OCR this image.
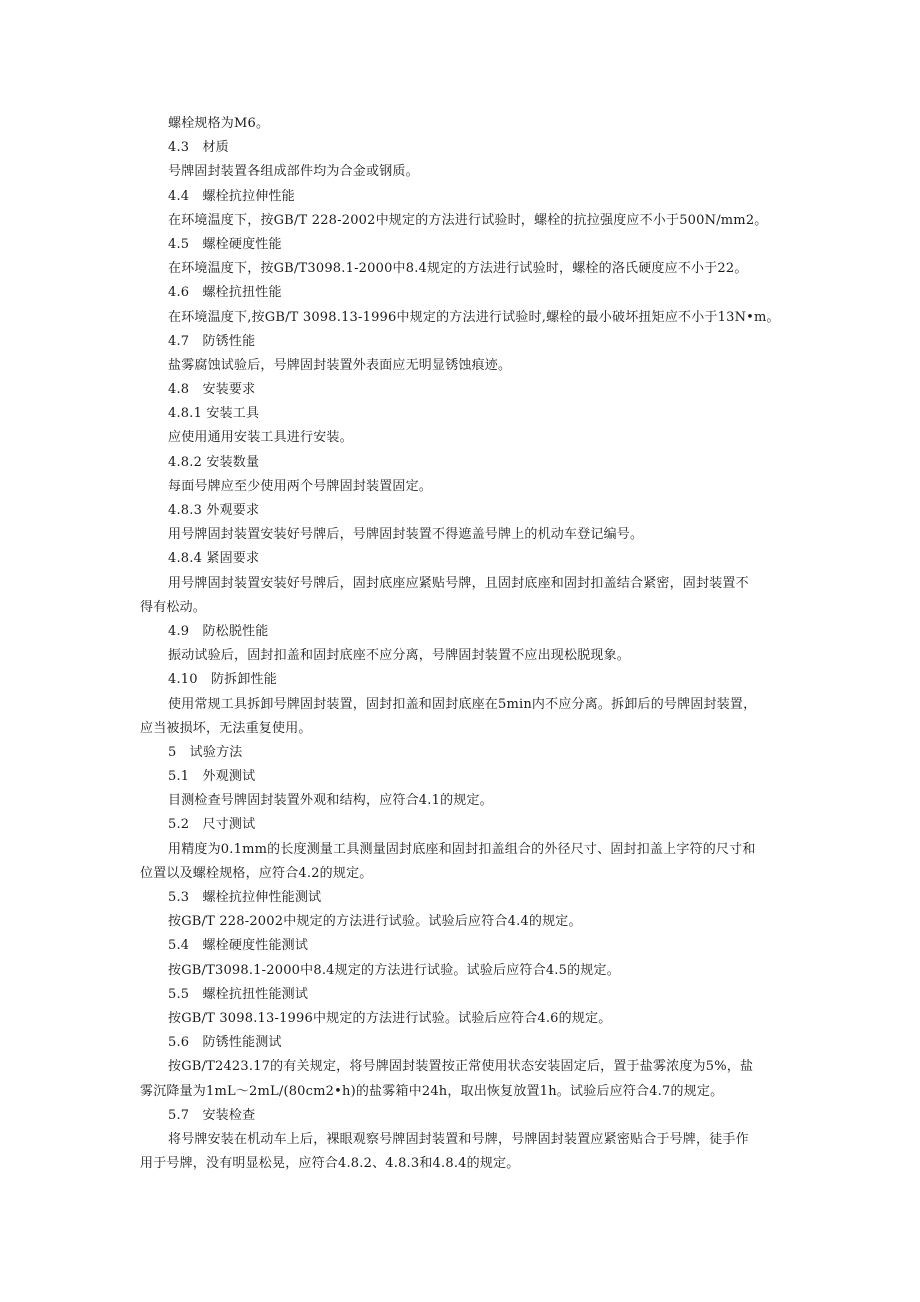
螺栓规格为M6。

4.3　材质

号牌固封装置各组成部件均为合金或钢质。

4.4　螺栓抗拉伸性能

在环境温度下，按GB/T 228-2002中规定的方法进行试验时，螺栓的抗拉强度应不小于500N/mm2。

4.5　螺栓硬度性能

在环境温度下，按GB/T3098.1-2000中8.4规定的方法进行试验时，螺栓的洛氏硬度应不小于22。

4.6　螺栓抗扭性能

在环境温度下,按GB/T 3098.13-1996中规定的方法进行试验时,螺栓的最小破坏扭矩应不小于13N•m。

4.7　防锈性能

盐雾腐蚀试验后，号牌固封装置外表面应无明显锈蚀痕迹。

4.8　安装要求

4.8.1 安装工具

应使用通用安装工具进行安装。

4.8.2 安装数量

每面号牌应至少使用两个号牌固封装置固定。

4.8.3 外观要求

用号牌固封装置安装好号牌后，号牌固封装置不得遮盖号牌上的机动车登记编号。

4.8.4 紧固要求

用号牌固封装置安装好号牌后，固封底座应紧贴号牌，且固封底座和固封扣盖结合紧密，固封装置不

得有松动。

4.9　防松脱性能

振动试验后，固封扣盖和固封底座不应分离，号牌固封装置不应出现松脱现象。

4.10　防拆卸性能

使用常规工具拆卸号牌固封装置，固封扣盖和固封底座在5min内不应分离。拆卸后的号牌固封装置，

应当被损坏，无法重复使用。

5　试验方法

5.1　外观测试

目测检查号牌固封装置外观和结构，应符合4.1的规定。

5.2　尺寸测试

用精度为0.1mm的长度测量工具测量固封底座和固封扣盖组合的外径尺寸、固封扣盖上字符的尺寸和

位置以及螺栓规格，应符合4.2的规定。

5.3　螺栓抗拉伸性能测试

按GB/T 228-2002中规定的方法进行试验。试验后应符合4.4的规定。

5.4　螺栓硬度性能测试

按GB/T3098.1-2000中8.4规定的方法进行试验。试验后应符合4.5的规定。

5.5　螺栓抗扭性能测试

按GB/T 3098.13-1996中规定的方法进行试验。试验后应符合4.6的规定。

5.6　防锈性能测试

按GB/T2423.17的有关规定，将号牌固封装置按正常使用状态安装固定后，置于盐雾浓度为5%，盐

雾沉降量为1mL～2mL/(80cm2•h)的盐雾箱中24h，取出恢复放置1h。试验后应符合4.7的规定。

5.7　安装检查

将号牌安装在机动车上后，裸眼观察号牌固封装置和号牌，号牌固封装置应紧密贴合于号牌，徒手作

用于号牌，没有明显松晃，应符合4.8.2、4.8.3和4.8.4的规定。
